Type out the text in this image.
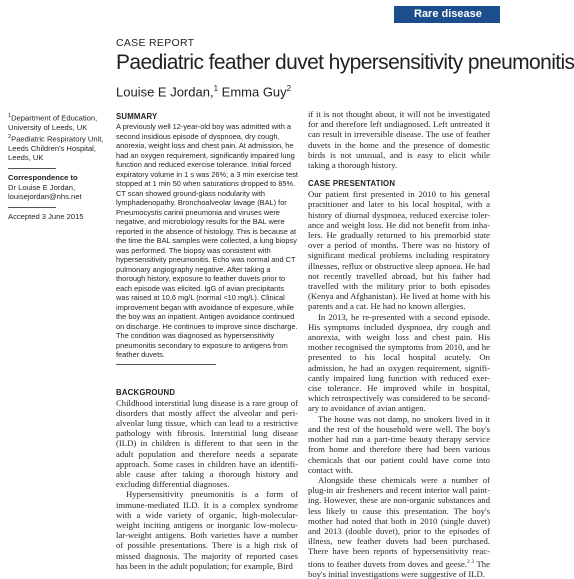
Rare disease
CASE REPORT
Paediatric feather duvet hypersensitivity pneumonitis
Louise E Jordan,$^1$ Emma Guy$^2$

$^1$Department of Education, University of Leeds, UK

$^2$Paediatric Respiratory Unit, Leeds Children's Hospital, Leeds, UK

Correspondence to

Dr Louise E Jordan, louisejordan@nhs.net

Accepted 3 June 2015

SUMMARY

A previously well 12-year-old boy was admitted with a second insidious episode of dyspnoea, dry cough, anorexia, weight loss and chest pain. At admission, he had an oxygen requirement, significantly impaired lung function and reduced exercise tolerance. Initial forced expiratory volume in 1 s was 26%; a 3 min exercise test stopped at 1 min 50 when saturations dropped to 85%. CT scan showed ground-glass nodularity with lymphadenopathy. Bronchoalveolar lavage (BAL) for Pneumocystis carinii pneumonia and viruses were negative, and microbiology results for the BAL were reported in the absence of histology. This is because at the time the BAL samples were collected, a lung biopsy was performed. The biopsy was consistent with hypersensitivity pneumonitis. Echo was normal and CT pulmonary angiography negative. After taking a thorough history, exposure to feather duvets prior to each episode was elicited. IgG of avian precipitants was raised at 10.6 mg/L (normal <10 mg/L). Clinical improvement began with avoidance of exposure, while the boy was an inpatient. Antigen avoidance continued on discharge. He continues to improve since discharge. The condition was diagnosed as hypersensitivity pneumonitis secondary to exposure to antigens from feather duvets.

BACKGROUND

Childhood interstitial lung disease is a rare group of disorders that mostly affect the alveolar and peri-alveolar lung tissue, which can lead to a restrictive pathology with fibrosis. Interstitial lung disease (ILD) in children is different to that seen in the adult population and therefore needs a separate approach. Some cases in children have an identifi-able cause after taking a thorough history and excluding differential diagnoses.

Hypersensitivity pneumonitis is a form of immune-mediated ILD. It is a complex syndrome with a wide variety of organic, high-molecular-weight inciting antigens or inorganic low-molecu-lar-weight antigens. Both varieties have a number of possible presentations. There is a high risk of missed diagnosis. The majority of reported cases has been in the adult population; for example, Bird

if it is not thought about, it will not be investigated for and therefore left undiagnosed. Left untreated it can result in irreversible disease. The use of feather duvets in the home and the presence of domestic birds is not unusual, and is easy to elicit while taking a thorough history.

CASE PRESENTATION

Our patient first presented in 2010 to his general practitioner and later to his local hospital, with a history of diurnal dyspnoea, reduced exercise toler-ance and weight loss. He did not benefit from inha-lers. He gradually returned to his premorbid state over a period of months. There was no history of significant medical problems including respiratory illnesses, reflux or obstructive sleep apnoea. He had not recently travelled abroad, but his father had travelled with the military prior to both episodes (Kenya and Afghanistan). He lived at home with his parents and a cat. He had no known allergies.

In 2013, he re-presented with a second episode. His symptoms included dyspnoea, dry cough and anorexia, with weight loss and chest pain. His mother recognised the symptoms from 2010, and he presented to his local hospital acutely. On admission, he had an oxygen requirement, signifi-cantly impaired lung function with reduced exer-cise tolerance. He improved while in hospital, which retrospectively was considered to be second-ary to avoidance of avian antigen.

The house was not damp, no smokers lived in it and the rest of the household were well. The boy's mother had run a part-time beauty therapy service from home and therefore there had been various chemicals that our patient could have come into contact with.

Alongside these chemicals were a number of plug-in air fresheners and recent interior wall paint-ing. However, these are non-organic substances and less likely to cause this presentation. The boy's mother had noted that both in 2010 (single duvet) and 2013 (double duvet), prior to the episodes of illness, new feather duvets had been purchased. There have been reports of hypersensitivity reac-tions to feather duvets from doves and geese.$^{2 3}$ The boy's initial investigations were suggestive of ILD.
